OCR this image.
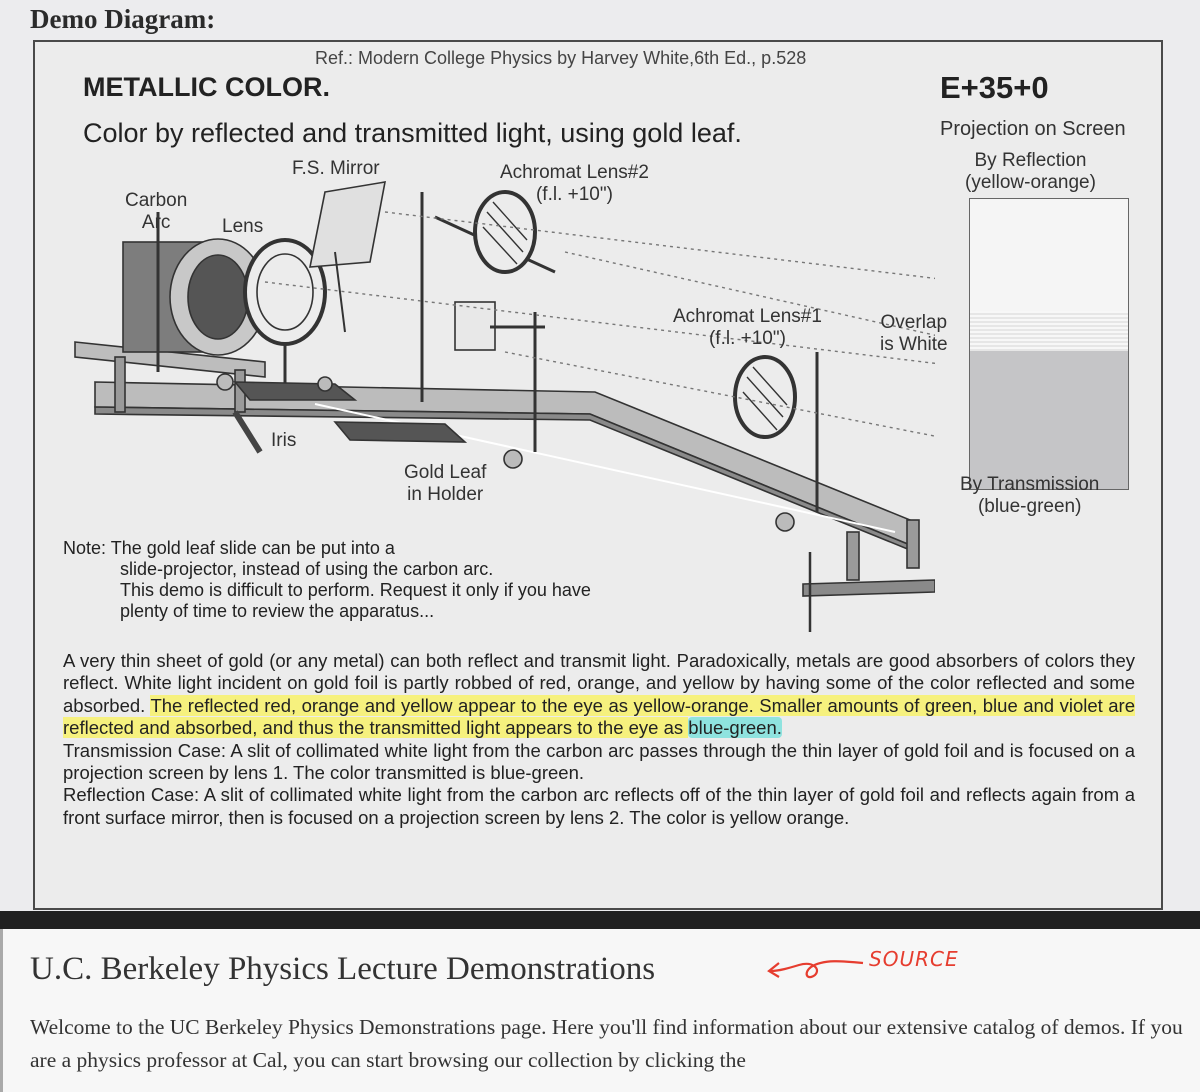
Demo Diagram:
Ref.: Modern College Physics by Harvey White,6th Ed., p.528
METALLIC COLOR.	E+35+0
Color by reflected and transmitted light, using gold leaf.	Projection on Screen
Carbon
Arc	Lens
F.S. Mirror	Achromat Lens#2
(f.l. +10")
Achromat Lens#1
(f.l. +10")
Iris
Gold Leaf
in Holder
By Reflection
(yellow-orange)
Overlap
is White
By Transmission
(blue-green)
Note: The gold leaf slide can be put into a
slide-projector, instead of using the carbon arc.
This demo is difficult to perform. Request it only if you have
plenty of time to review the apparatus...
A very thin sheet of gold (or any metal) can both reflect and transmit light. Paradoxically, metals are good absorbers of colors they reflect. White light incident on gold foil is partly robbed of red, orange, and yellow by having some of the color reflected and some absorbed. The reflected red, orange and yellow appear to the eye as yellow-orange. Smaller amounts of green, blue and violet are reflected and absorbed, and thus the transmitted light appears to the eye as blue-green.
Transmission Case: A slit of collimated white light from the carbon arc passes through the thin layer of gold foil and is focused on a projection screen by lens 1. The color transmitted is blue-green.
Reflection Case: A slit of collimated white light from the carbon arc reflects off of the thin layer of gold foil and reflects again from a front surface mirror, then is focused on a projection screen by lens 2. The color is yellow orange.
U.C. Berkeley Physics Lecture Demonstrations	SOURCE
Welcome to the UC Berkeley Physics Demonstrations page. Here you'll find information about our extensive catalog of demos. If you are a physics professor at Cal, you can start browsing our collection by clicking the
